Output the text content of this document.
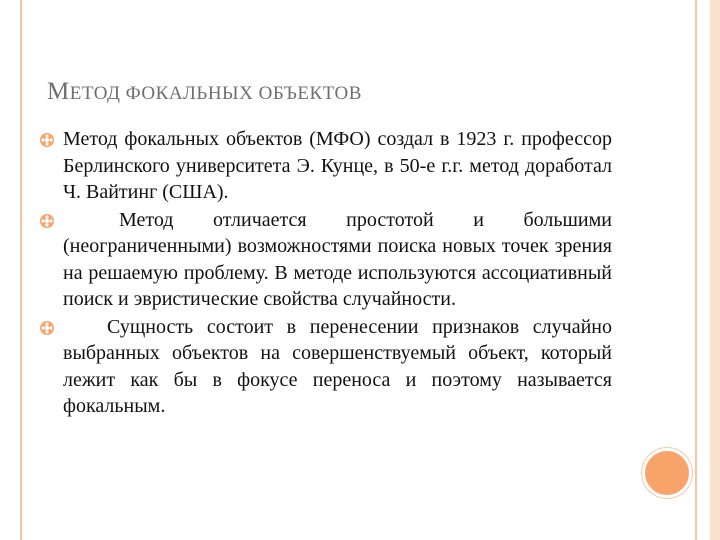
МЕТОД ФОКАЛЬНЫХ ОБЪЕКТОВ
Метод фокальных объектов (МФО) создал в 1923 г. профессор Берлинского университета Э. Кунце, в 50-е г.г. метод доработал Ч. Вайтинг (США).
Метод отличается простотой и большими (неограниченными) возможностями поиска новых точек зрения на решаемую проблему. В методе используются ассоциативный поиск и эвристические свойства случайности.
Сущность состоит в перенесении признаков случайно выбранных объектов на совершенствуемый объект, который лежит как бы в фокусе переноса и поэтому называется фокальным.
